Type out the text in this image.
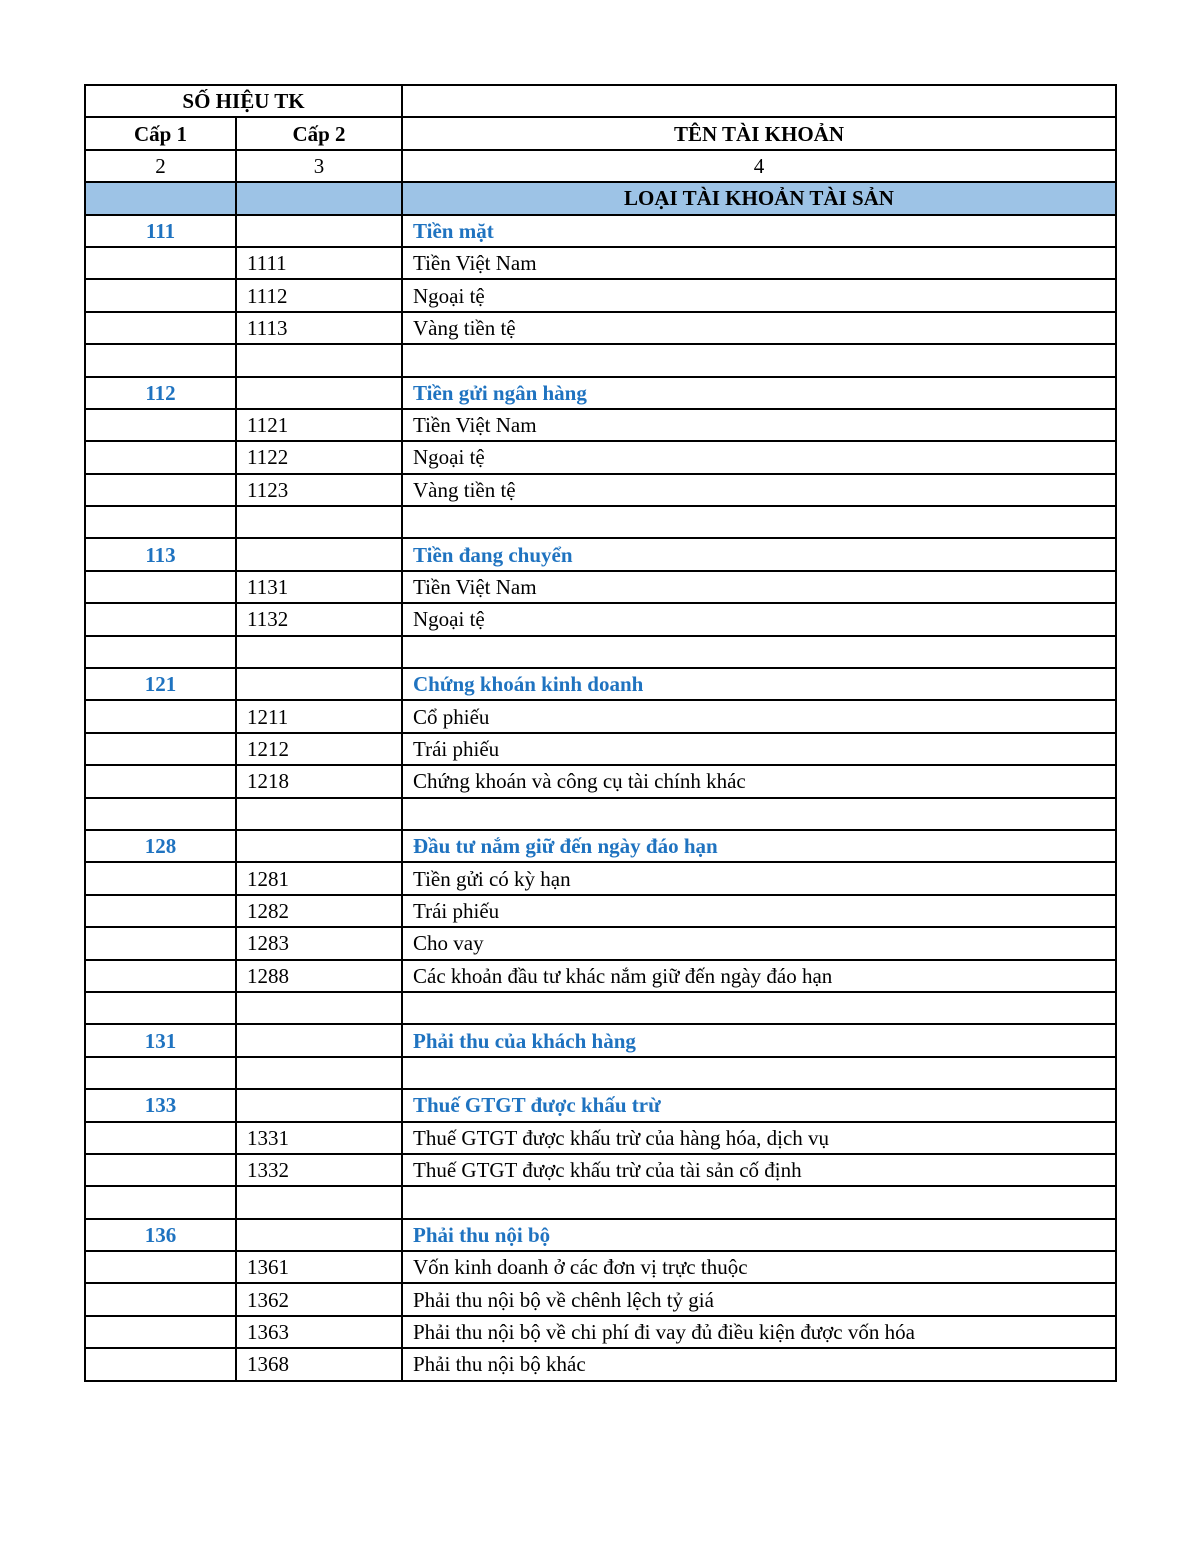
SỐ HIỆU TK		
Cấp 1	Cấp 2	TÊN TÀI KHOẢN
2	3	4
		LOẠI TÀI KHOẢN TÀI SẢN
111		Tiền mặt
	1111	Tiền Việt Nam
	1112	Ngoại tệ
	1113	Vàng tiền tệ

112		Tiền gửi ngân hàng
	1121	Tiền Việt Nam
	1122	Ngoại tệ
	1123	Vàng tiền tệ

113		Tiền đang chuyển
	1131	Tiền Việt Nam
	1132	Ngoại tệ

121		Chứng khoán kinh doanh
	1211	Cổ phiếu
	1212	Trái phiếu
	1218	Chứng khoán và công cụ tài chính khác

128		Đầu tư nắm giữ đến ngày đáo hạn
	1281	Tiền gửi có kỳ hạn
	1282	Trái phiếu
	1283	Cho vay
	1288	Các khoản đầu tư khác nắm giữ đến ngày đáo hạn

131		Phải thu của khách hàng

133		Thuế GTGT được khấu trừ
	1331	Thuế GTGT được khấu trừ của hàng hóa, dịch vụ
	1332	Thuế GTGT được khấu trừ của tài sản cố định

136		Phải thu nội bộ
	1361	Vốn kinh doanh ở các đơn vị trực thuộc
	1362	Phải thu nội bộ về chênh lệch tỷ giá
	1363	Phải thu nội bộ về chi phí đi vay đủ điều kiện được vốn hóa
	1368	Phải thu nội bộ khác
